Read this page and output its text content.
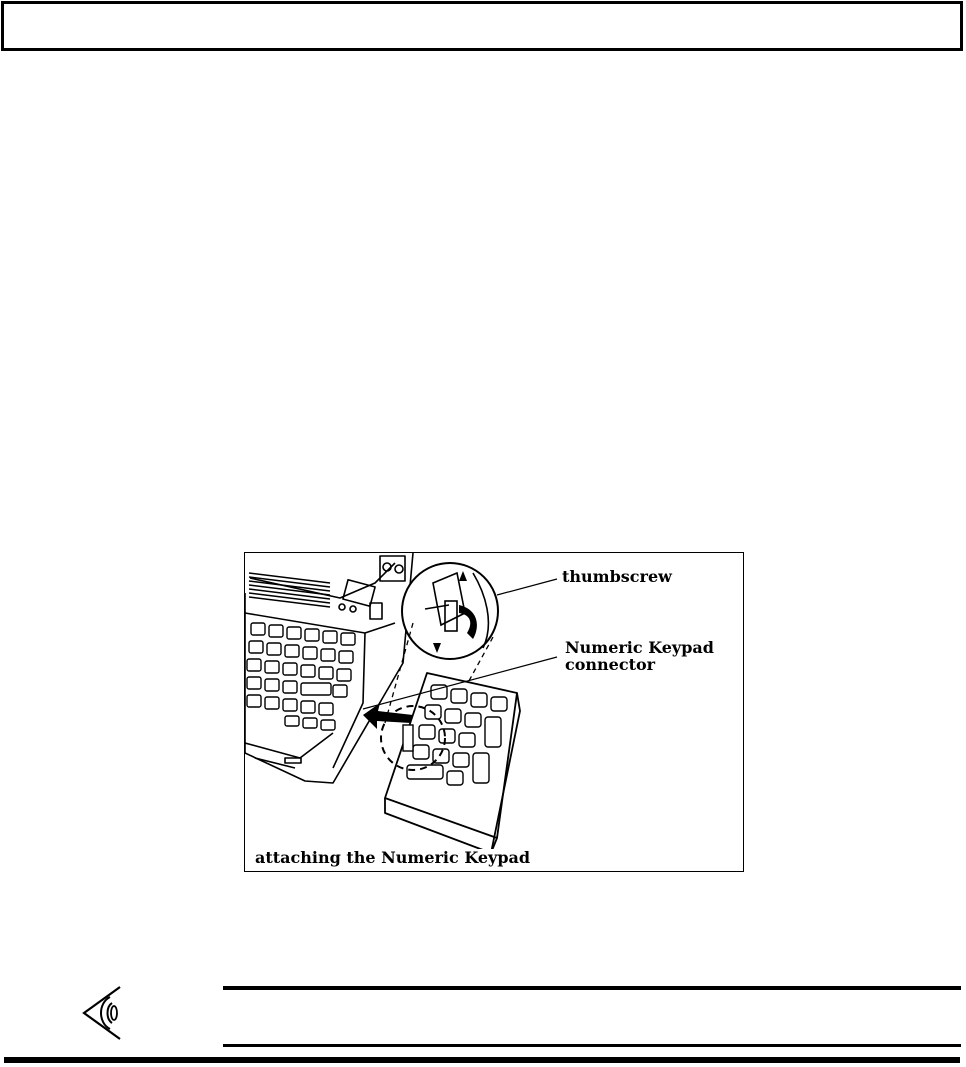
thumbscrew
Numeric Keypad
connector
attaching the Numeric Keypad
